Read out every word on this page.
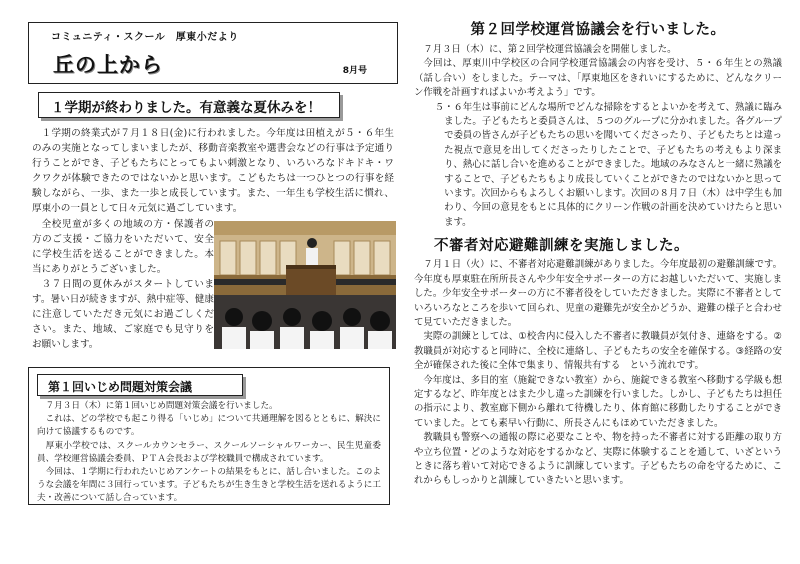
コミュニティ・スクール　厚東小だより
丘の上から	8月号
１学期が終わりました。有意義な夏休みを！
１学期の終業式が７月１８日(金)に行われました。今年度は田植えが５・６年生のみの実施となってしまいましたが、移動音楽教室や選書会などの行事は予定通り行うことができ、子どもたちにとってもよい刺激となり、いろいろなドキドキ・ワクワクが体験できたのではないかと思います。こどもたちは一つひとつの行事を経験しながら、一歩、また一歩と成長しています。また、一年生も学校生活に慣れ、厚東小の一員として日々元気に過ごしています。
全校児童が多くの地域の方・保護者の方のご支援・ご協力をいただいて、安全に学校生活を送ることができました。本当にありがとうございました。
３７日間の夏休みがスタートしています。暑い日が続きますが、熱中症等、健康に注意していただき元気にお過ごしください。また、地域、ご家庭でも見守りをお願いします。
第１回いじめ問題対策会議
７月３日（木）に第１回いじめ問題対策会議を行いました。
これは、どの学校でも起こり得る「いじめ」について共通理解を図るとともに、解決に向けて協議するものです。
厚東小学校では、スクールカウンセラー、スクールソーシャルワーカー、民生児童委員、学校運営協議会委員、ＰＴＡ会長および学校職員で構成されています。
今回は、１学期に行われたいじめアンケートの結果をもとに、話し合いました。このような会議を年間に３回行っています。子どもたちが生き生きと学校生活を送れるように工夫・改善について話し合っています。
第２回学校運営協議会を行いました。
７月３日（木）に、第２回学校運営協議会を開催しました。
今回は、厚東川中学校区の合同学校運営協議会の内容を受け、５・６年生との熟議（話し合い）をしました。テーマは、「厚東地区をきれいにするために、どんなクリーン作戦を計画すればよいか考えよう」です。
５・６年生は事前にどんな場所でどんな掃除をするとよいかを考えて、熟議に臨みました。子どもたちと委員さんは、５つのグループに分かれました。各グループで委員の皆さんが子どもたちの思いを聞いてくださったり、子どもたちとは違った視点で意見を出してくださったりしたことで、子どもたちの考えもより深まり、熱心に話し合いを進めることができました。地域のみなさんと一緒に熟議をすることで、子どもたちもより成長していくことができたのではないかと思っています。次回からもよろしくお願いします。次回の８月７日（木）は中学生も加わり、今回の意見をもとに具体的にクリーン作戦の計画を決めていけたらと思います。
不審者対応避難訓練を実施しました。
７月１日（火）に、不審者対応避難訓練がありました。今年度最初の避難訓練です。今年度も厚東駐在所所長さんや少年安全サポーターの方にお越しいただいて、実施しました。少年安全サポーターの方に不審者役をしていただきました。実際に不審者としていろいろなところを歩いて回られ、児童の避難先が安全かどうか、避難の様子と合わせて見ていただきました。
実際の訓練としては、①校舎内に侵入した不審者に教職員が気付き、連絡をする。②教職員が対応すると同時に、全校に連絡し、子どもたちの安全を確保する。③経路の安全が確保された後に全体で集まり、情報共有する　という流れです。
今年度は、多目的室（施錠できない教室）から、施錠できる教室へ移動する学級も想定するなど、昨年度とはまた少し違った訓練を行いました。しかし、子どもたちは担任の指示により、教室廊下側から離れて待機したり、体育館に移動したりすることができていました。とても素早い行動に、所長さんにもほめていただきました。
教職員も警察への通報の際に必要なことや、物を持った不審者に対する距離の取り方や立ち位置・どのような対応をするかなど、実際に体験することを通して、いざというときに落ち着いて対応できるように訓練しています。子どもたちの命を守るために、これからもしっかりと訓練していきたいと思います。
